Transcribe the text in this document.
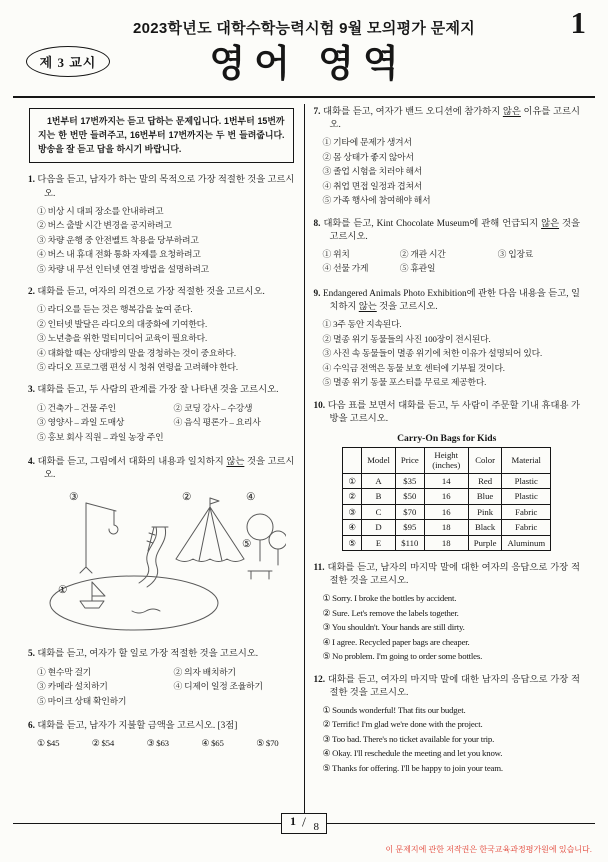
2023학년도 대학수학능력시험 9월 모의평가 문제지	1
제 3 교시	영어 영역
1번부터 17번까지는 듣고 답하는 문제입니다. 1번부터 15번까지는 한 번만 들려주고, 16번부터 17번까지는 두 번 들려줍니다. 방송을 잘 듣고 답을 하시기 바랍니다.
1. 다음을 듣고, 남자가 하는 말의 목적으로 가장 적절한 것을 고르시오.
① 비상 시 대피 장소를 안내하려고
② 버스 출발 시간 변경을 공지하려고
③ 차량 운행 중 안전벨트 착용을 당부하려고
④ 버스 내 휴대 전화 통화 자제를 요청하려고
⑤ 차량 내 무선 인터넷 연결 방법을 설명하려고
2. 대화를 듣고, 여자의 의견으로 가장 적절한 것을 고르시오.
① 라디오를 듣는 것은 행복감을 높여 준다.
② 인터넷 발달은 라디오의 대중화에 기여한다.
③ 노년층을 위한 멀티미디어 교육이 필요하다.
④ 대화할 때는 상대방의 말을 경청하는 것이 중요하다.
⑤ 라디오 프로그램 편성 시 청취 연령을 고려해야 한다.
3. 대화를 듣고, 두 사람의 관계를 가장 잘 나타낸 것을 고르시오.
① 건축가 – 건물 주인	② 코딩 강사 – 수강생
③ 영양사 – 과일 도매상	④ 음식 평론가 – 요리사
⑤ 홍보 회사 직원 – 과일 농장 주인
4. 대화를 듣고, 그림에서 대화의 내용과 일치하지 않는 것을 고르시오.
①
②
③	④
⑤
5. 대화를 듣고, 여자가 할 일로 가장 적절한 것을 고르시오.
① 현수막 걸기	② 의자 배치하기
③ 카메라 설치하기	④ 디제이 일정 조율하기
⑤ 마이크 상태 확인하기
6. 대화를 듣고, 남자가 지불할 금액을 고르시오. [3점]
① $45	② $54	③ $63	④ $65	⑤ $70
7. 대화를 듣고, 여자가 밴드 오디션에 참가하지 않은 이유를 고르시오.
① 기타에 문제가 생겨서
② 몸 상태가 좋지 않아서
③ 졸업 시험을 치러야 해서
④ 취업 면접 일정과 겹쳐서
⑤ 가족 행사에 참여해야 해서
8. 대화를 듣고, Kint Chocolate Museum에 관해 언급되지 않은 것을 고르시오.
① 위치	② 개관 시간	③ 입장료
④ 선물 가게	⑤ 휴관일
9. Endangered Animals Photo Exhibition에 관한 다음 내용을 듣고, 일치하지 않는 것을 고르시오.
① 3주 동안 지속된다.
② 멸종 위기 동물들의 사진 100장이 전시된다.
③ 사진 속 동물들이 멸종 위기에 처한 이유가 설명되어 있다.
④ 수익금 전액은 동물 보호 센터에 기부될 것이다.
⑤ 멸종 위기 동물 포스터를 무료로 제공한다.
10. 다음 표를 보면서 대화를 듣고, 두 사람이 주문할 기내 휴대용 가방을 고르시오.
Carry-On Bags for Kids
	Model	Price	Height (inches)	Color	Material
①	A	$35	14	Red	Plastic
②	B	$50	16	Blue	Plastic
③	C	$70	16	Pink	Fabric
④	D	$95	18	Black	Fabric
⑤	E	$110	18	Purple	Aluminum
11. 대화를 듣고, 남자의 마지막 말에 대한 여자의 응답으로 가장 적절한 것을 고르시오.
① Sorry. I broke the bottles by accident.
② Sure. Let's remove the labels together.
③ You shouldn't. Your hands are still dirty.
④ I agree. Recycled paper bags are cheaper.
⑤ No problem. I'm going to order some bottles.
12. 대화를 듣고, 여자의 마지막 말에 대한 남자의 응답으로 가장 적절한 것을 고르시오.
① Sounds wonderful! That fits our budget.
② Terrific! I'm glad we're done with the project.
③ Too bad. There's no ticket available for your trip.
④ Okay. I'll reschedule the meeting and let you know.
⑤ Thanks for offering. I'll be happy to join your team.
1 / 8
이 문제지에 관한 저작권은 한국교육과정평가원에 있습니다.
